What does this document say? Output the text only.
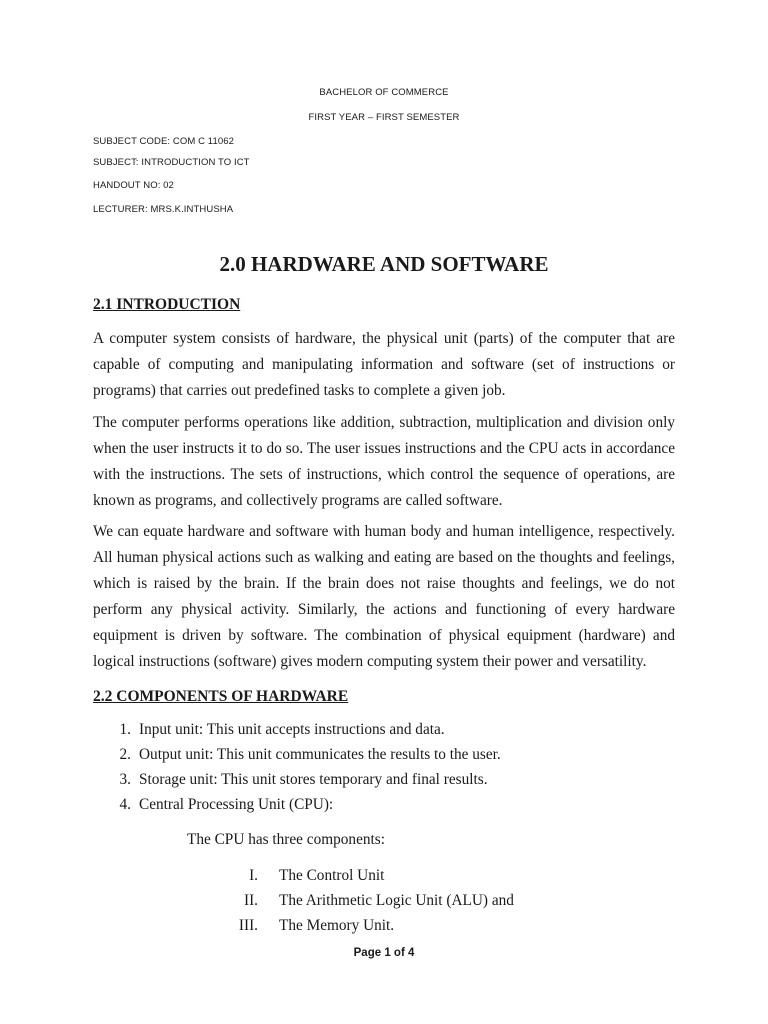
BACHELOR OF COMMERCE
FIRST YEAR – FIRST SEMESTER
SUBJECT CODE: COM C 11062
SUBJECT: INTRODUCTION TO ICT
HANDOUT NO: 02
LECTURER: MRS.K.INTHUSHA
2.0 HARDWARE AND SOFTWARE
2.1 INTRODUCTION
A computer system consists of hardware, the physical unit (parts) of the computer that are capable of computing and manipulating information and software (set of instructions or programs) that carries out predefined tasks to complete a given job.
The computer performs operations like addition, subtraction, multiplication and division only when the user instructs it to do so. The user issues instructions and the CPU acts in accordance with the instructions. The sets of instructions, which control the sequence of operations, are known as programs, and collectively programs are called software.
We can equate hardware and software with human body and human intelligence, respectively. All human physical actions such as walking and eating are based on the thoughts and feelings, which is raised by the brain. If the brain does not raise thoughts and feelings, we do not perform any physical activity. Similarly, the actions and functioning of every hardware equipment is driven by software. The combination of physical equipment (hardware) and logical instructions (software) gives modern computing system their power and versatility.
2.2 COMPONENTS OF HARDWARE
1. Input unit: This unit accepts instructions and data.
2. Output unit: This unit communicates the results to the user.
3. Storage unit: This unit stores temporary and final results.
4. Central Processing Unit (CPU):
The CPU has three components:
I. The Control Unit
II. The Arithmetic Logic Unit (ALU) and
III. The Memory Unit.
Page 1 of 4
